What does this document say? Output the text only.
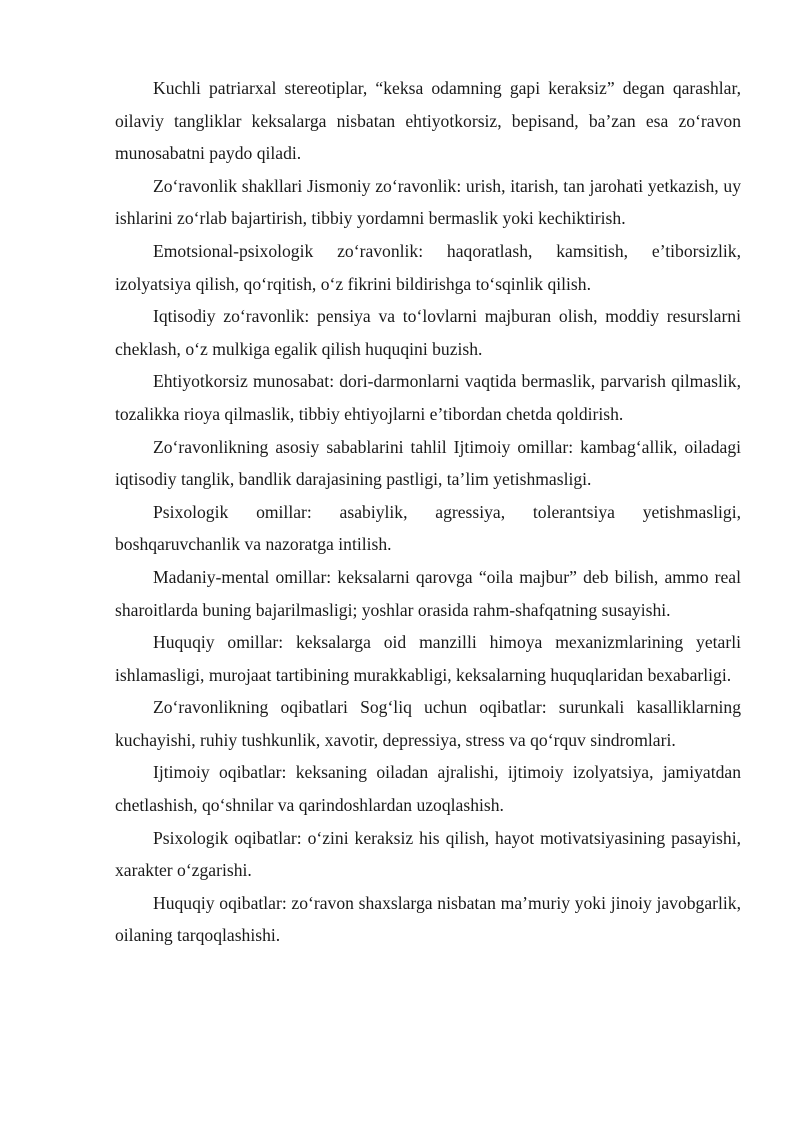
Kuchli patriarxal stereotiplar, “keksa odamning gapi keraksiz” degan qarashlar, oilaviy tangliklar keksalarga nisbatan ehtiyotkorsiz, bepisand, ba’zan esa zo‘ravon munosabatni paydo qiladi.

Zo‘ravonlik shakllari Jismoniy zo‘ravonlik: urish, itarish, tan jarohati yetkazish, uy ishlarini zo‘rlab bajartirish, tibbiy yordamni bermaslik yoki kechiktirish.

Emotsional-psixologik zo‘ravonlik: haqoratlash, kamsitish, e’tiborsizlik, izolyatsiya qilish, qo‘rqitish, o‘z fikrini bildirishga to‘sqinlik qilish.

Iqtisodiy zo‘ravonlik: pensiya va to‘lovlarni majburan olish, moddiy resurslarni cheklash, o‘z mulkiga egalik qilish huquqini buzish.

Ehtiyotkorsiz munosabat: dori-darmonlarni vaqtida bermaslik, parvarish qilmaslik, tozalikka rioya qilmaslik, tibbiy ehtiyojlarni e’tibordan chetda qoldirish.

Zo‘ravonlikning asosiy sabablarini tahlil Ijtimoiy omillar: kambag‘allik, oiladagi iqtisodiy tanglik, bandlik darajasining pastligi, ta’lim yetishmasligi.

Psixologik omillar: asabiylik, agressiya, tolerantsiya yetishmasligi, boshqaruvchanlik va nazoratga intilish.

Madaniy-mental omillar: keksalarni qarovga “oila majbur” deb bilish, ammo real sharoitlarda buning bajarilmasligi; yoshlar orasida rahm-shafqatning susayishi.

Huquqiy omillar: keksalarga oid manzilli himoya mexanizmlarining yetarli ishlamasligi, murojaat tartibining murakkabligi, keksalarning huquqlaridan bexabarligi.

Zo‘ravonlikning oqibatlari Sog‘liq uchun oqibatlar: surunkali kasalliklarning kuchayishi, ruhiy tushkunlik, xavotir, depressiya, stress va qo‘rquv sindromlari.

Ijtimoiy oqibatlar: keksaning oiladan ajralishi, ijtimoiy izolyatsiya, jamiyatdan chetlashish, qo‘shnilar va qarindoshlardan uzoqlashish.

Psixologik oqibatlar: o‘zini keraksiz his qilish, hayot motivatsiyasining pasayishi, xarakter o‘zgarishi.

Huquqiy oqibatlar: zo‘ravon shaxslarga nisbatan ma’muriy yoki jinoiy javobgarlik, oilaning tarqoqlashishi.
